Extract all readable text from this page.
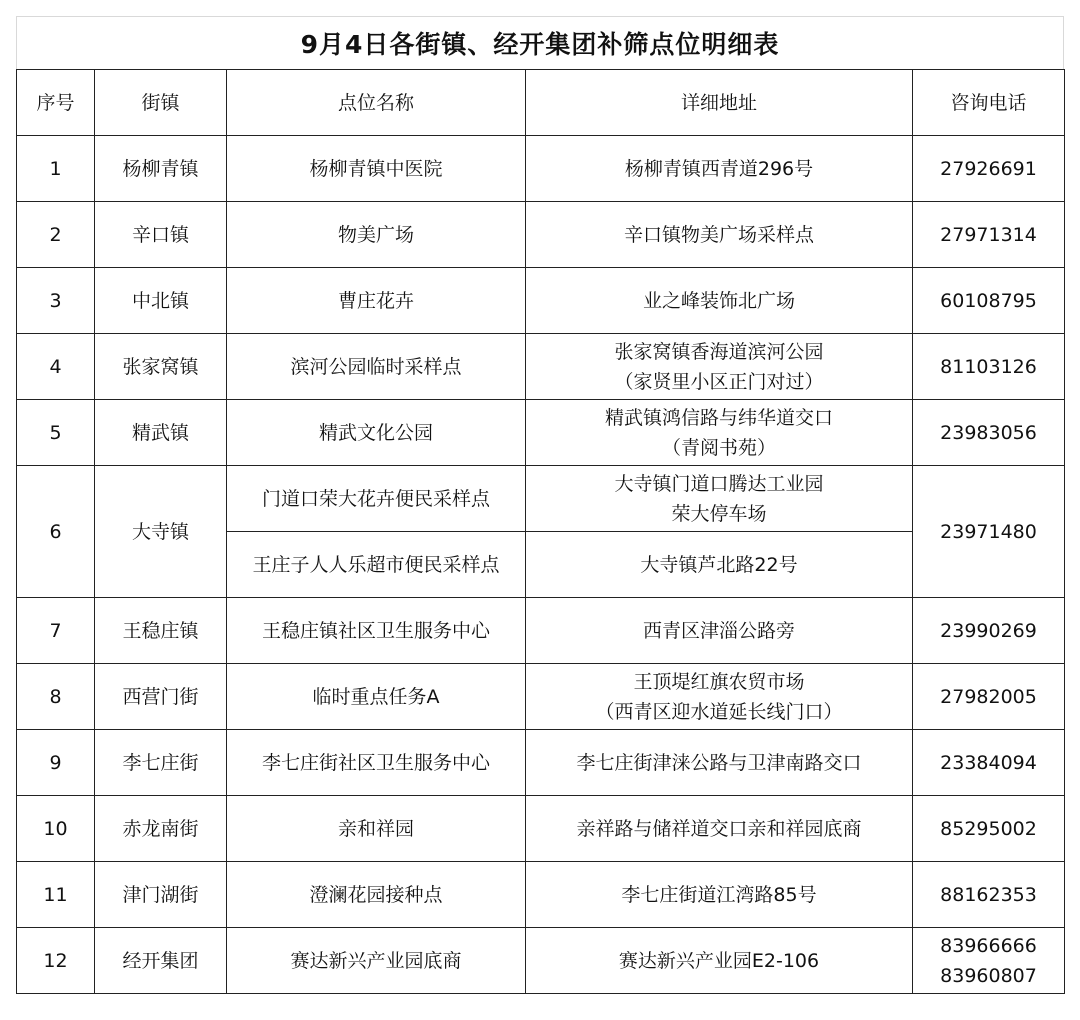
9月4日各街镇、经开集团补筛点位明细表
序号	街镇	点位名称	详细地址	咨询电话
1	杨柳青镇	杨柳青镇中医院	杨柳青镇西青道296号	27926691

2	辛口镇	物美广场	辛口镇物美广场采样点	27971314

3	中北镇	曹庄花卉	业之峰装饰北广场	60108795

4	张家窝镇	滨河公园临时采样点	张家窝镇香海道滨河公园
（家贤里小区正门对过）	81103126

5	精武镇	精武文化公园	精武镇鸿信路与纬华道交口
（青阅书苑）	23983056

6	大寺镇	门道口荣大花卉便民采样点	大寺镇门道口腾达工业园
荣大停车场	23971480

		王庄子人人乐超市便民采样点	大寺镇芦北路22号	

7	王稳庄镇	王稳庄镇社区卫生服务中心	西青区津淄公路旁	23990269

8	西营门街	临时重点任务A	王顶堤红旗农贸市场
（西青区迎水道延长线门口）	27982005

9	李七庄街	李七庄街社区卫生服务中心	李七庄街津涞公路与卫津南路交口	23384094

10	赤龙南街	亲和祥园	亲祥路与储祥道交口亲和祥园底商	85295002

11	津门湖街	澄澜花园接种点	李七庄街道江湾路85号	88162353

12	经开集团	赛达新兴产业园底商	赛达新兴产业园E2-106	83966666
83960807
